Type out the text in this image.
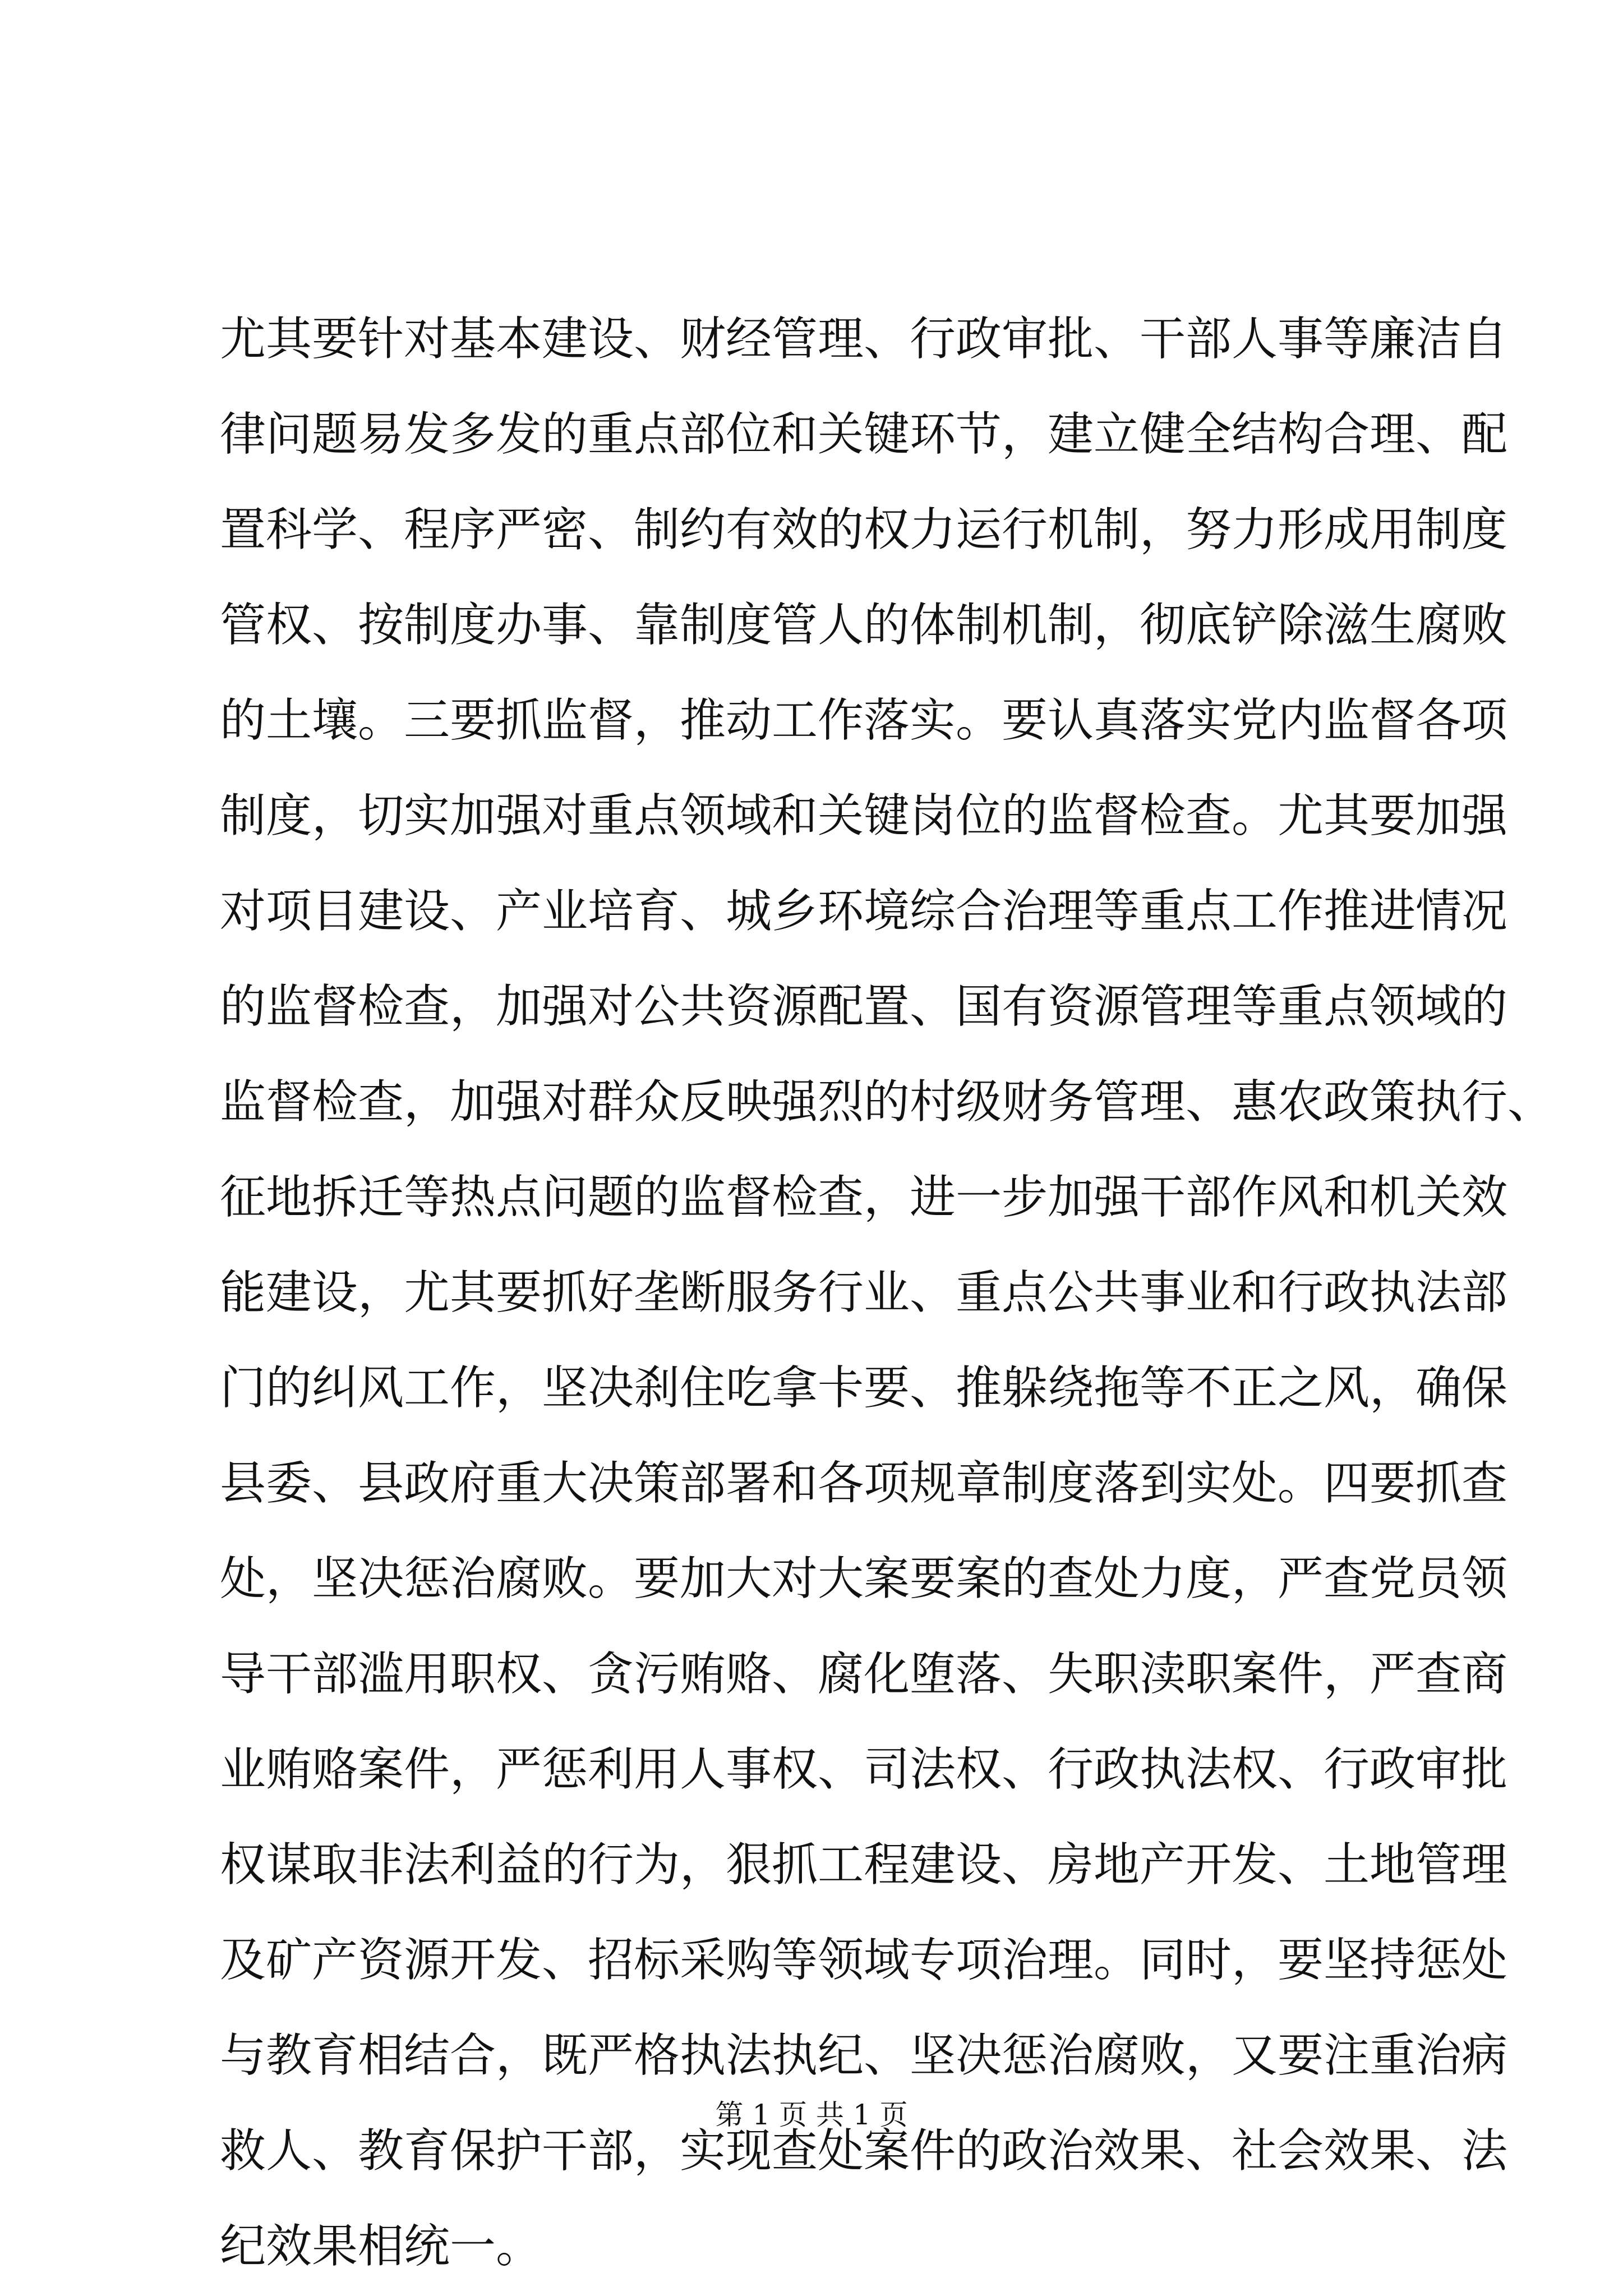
尤其要针对基本建设、财经管理、行政审批、干部人事等廉洁自
律问题易发多发的重点部位和关键环节，建立健全结构合理、配
置科学、程序严密、制约有效的权力运行机制，努力形成用制度
管权、按制度办事、靠制度管人的体制机制，彻底铲除滋生腐败
的土壤。三要抓监督，推动工作落实。要认真落实党内监督各项
制度，切实加强对重点领域和关键岗位的监督检查。尤其要加强
对项目建设、产业培育、城乡环境综合治理等重点工作推进情况
的监督检查，加强对公共资源配置、国有资源管理等重点领域的
监督检查，加强对群众反映强烈的村级财务管理、惠农政策执行、
征地拆迁等热点问题的监督检查，进一步加强干部作风和机关效
能建设，尤其要抓好垄断服务行业、重点公共事业和行政执法部
门的纠风工作，坚决刹住吃拿卡要、推躲绕拖等不正之风，确保
县委、县政府重大决策部署和各项规章制度落到实处。四要抓查
处，坚决惩治腐败。要加大对大案要案的查处力度，严查党员领
导干部滥用职权、贪污贿赂、腐化堕落、失职渎职案件，严查商
业贿赂案件，严惩利用人事权、司法权、行政执法权、行政审批
权谋取非法利益的行为，狠抓工程建设、房地产开发、土地管理
及矿产资源开发、招标采购等领域专项治理。同时，要坚持惩处
与教育相结合，既严格执法执纪、坚决惩治腐败，又要注重治病
救人、教育保护干部，实现查处案件的政治效果、社会效果、法
纪效果相统一。
第 1 页 共 1 页
